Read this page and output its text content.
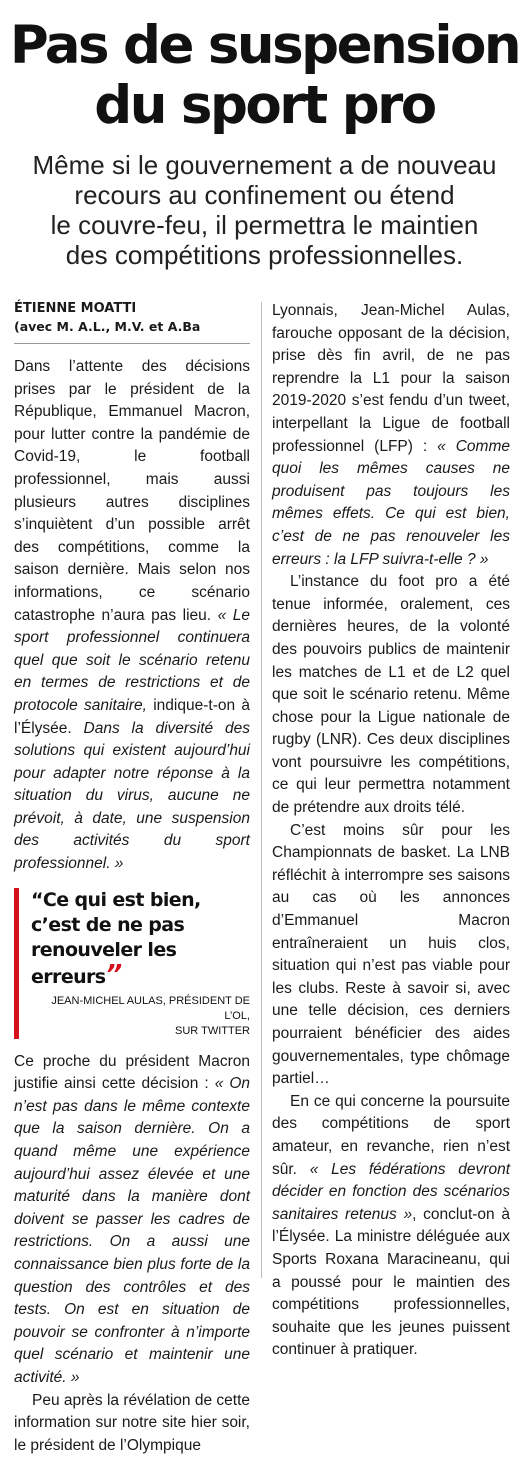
Pas de suspension
du sport pro

Même si le gouvernement a de nouveau
recours au confinement ou étend
le couvre-feu, il permettra le maintien
des compétitions professionnelles.

ÉTIENNE MOATTI
(avec M. A.L., M.V. et A.Ba

Dans l’attente des décisions prises par le président de la République, Emmanuel Macron, pour lutter contre la pandémie de Covid-19, le football professionnel, mais aussi plusieurs autres disciplines s’inquiètent d’un possible arrêt des compétitions, comme la saison dernière. Mais selon nos informations, ce scénario catastrophe n’aura pas lieu. « Le sport professionnel continuera quel que soit le scénario retenu en termes de restrictions et de protocole sanitaire, indique-t-on à l’Élysée. Dans la diversité des solutions qui existent aujourd’hui pour adapter notre réponse à la situation du virus, aucune ne prévoit, à date, une suspension des activités du sport professionnel. »

“Ce qui est bien, c’est de ne pas renouveler les erreurs”
JEAN-MICHEL AULAS, PRÉSIDENT DE L’OL,
SUR TWITTER

Ce proche du président Macron justifie ainsi cette décision : « On n’est pas dans le même contexte que la saison dernière. On a quand même une expérience aujourd’hui assez élevée et une maturité dans la manière dont doivent se passer les cadres de restrictions. On a aussi une connaissance bien plus forte de la question des contrôles et des tests. On est en situation de pouvoir se confronter à n’importe quel scénario et maintenir une activité. »

Peu après la révélation de cette information sur notre site hier soir, le président de l’Olympique

Lyonnais, Jean-Michel Aulas, farouche opposant de la décision, prise dès fin avril, de ne pas reprendre la L1 pour la saison 2019-2020 s’est fendu d’un tweet, interpellant la Ligue de football professionnel (LFP) : « Comme quoi les mêmes causes ne produisent pas toujours les mêmes effets. Ce qui est bien, c’est de ne pas renouveler les erreurs : la LFP suivra-t-elle ? »

L’instance du foot pro a été tenue informée, oralement, ces dernières heures, de la volonté des pouvoirs publics de maintenir les matches de L1 et de L2 quel que soit le scénario retenu. Même chose pour la Ligue nationale de rugby (LNR). Ces deux disciplines vont poursuivre les compétitions, ce qui leur permettra notamment de prétendre aux droits télé.

C’est moins sûr pour les Championnats de basket. La LNB réfléchit à interrompre ses saisons au cas où les annonces d’Emmanuel Macron entraîneraient un huis clos, situation qui n’est pas viable pour les clubs. Reste à savoir si, avec une telle décision, ces derniers pourraient bénéficier des aides gouvernementales, type chômage partiel…

En ce qui concerne la poursuite des compétitions de sport amateur, en revanche, rien n’est sûr. « Les fédérations devront décider en fonction des scénarios sanitaires retenus », conclut-on à l’Élysée. La ministre déléguée aux Sports Roxana Maracineanu, qui a poussé pour le maintien des compétitions professionnelles, souhaite que les jeunes puissent continuer à pratiquer.
